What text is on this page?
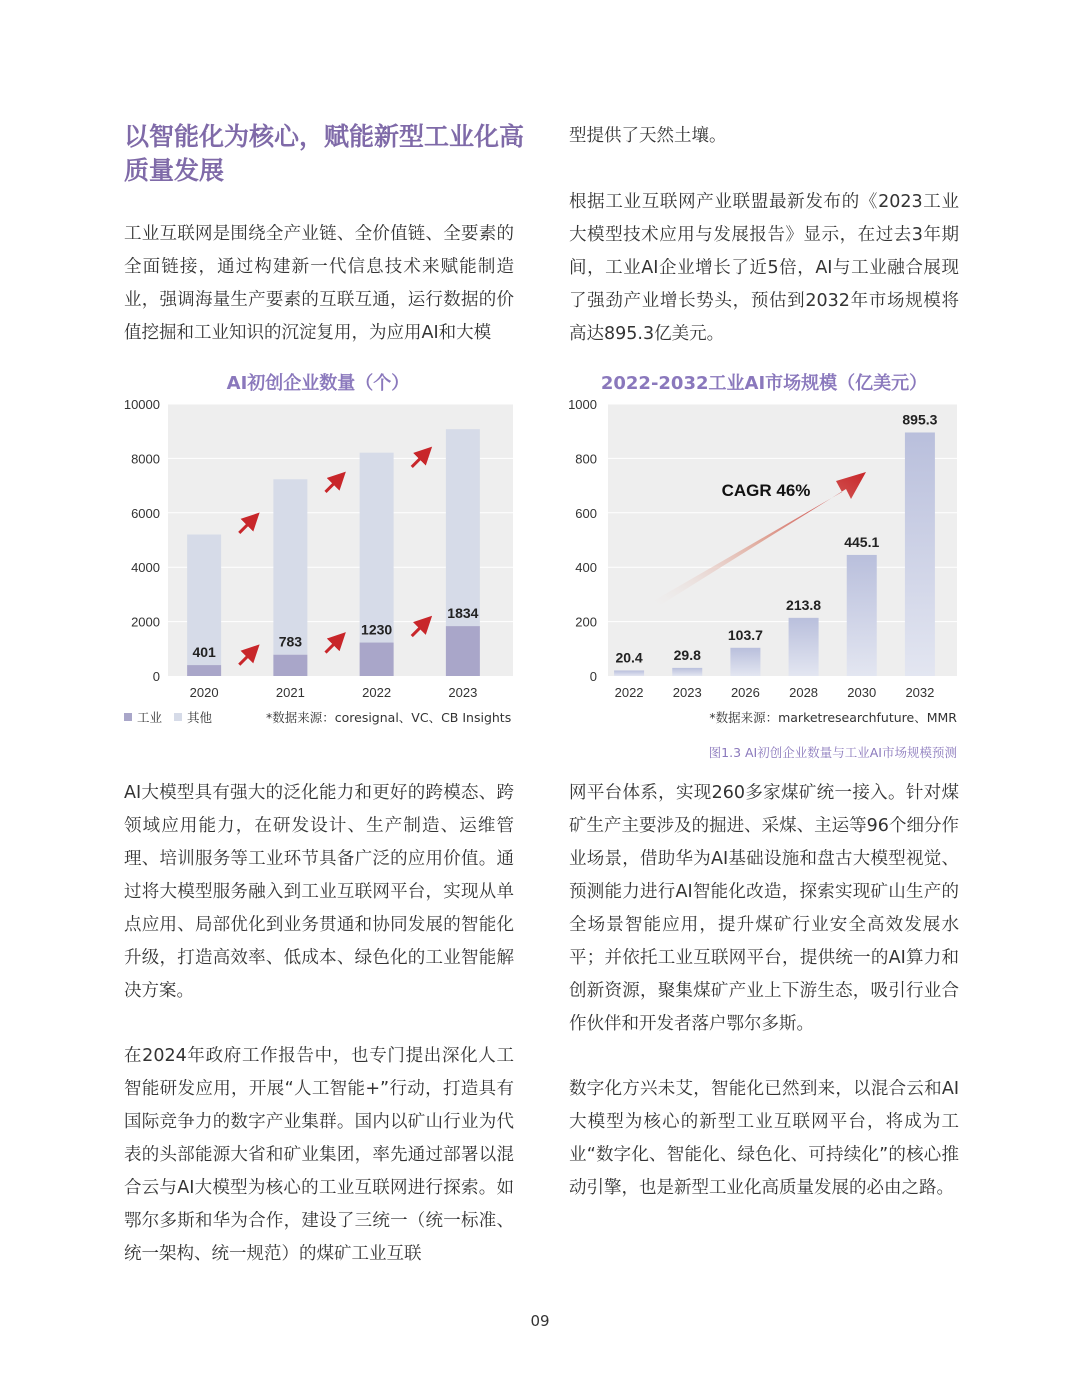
以智能化为核心，赋能新型工业化高质量发展

工业互联网是围绕全产业链、全价值链、全要素的全面链接，通过构建新一代信息技术来赋能制造业，强调海量生产要素的互联互通，运行数据的价值挖掘和工业知识的沉淀复用，为应用AI和大模

型提供了天然土壤。

根据工业互联网产业联盟最新发布的《2023工业大模型技术应用与发展报告》显示，在过去3年期间，工业AI企业增长了近5倍，AI与工业融合展现了强劲产业增长势头，预估到2032年市场规模将高达895.3亿美元。

AI初创企业数量（个）
0
2000
4000
6000
8000
10000
401
2020
783
2021
1230
2022
1834
2023
工业 其他	*数据来源：coresignal、VC、CB Insights
2022-2032工业AI市场规模（亿美元）
0
200
400
600
800
1000
CAGR 46%
20.4
2022
29.8
2023
103.7
2026
213.8
2028
445.1
2030
895.3
2032
*数据来源：marketresearchfuture、MMR
图1.3 AI初创企业数量与工业AI市场规模预测

AI大模型具有强大的泛化能力和更好的跨模态、跨领域应用能力，在研发设计、生产制造、运维管理、培训服务等工业环节具备广泛的应用价值。通过将大模型服务融入到工业互联网平台，实现从单点应用、局部优化到业务贯通和协同发展的智能化升级，打造高效率、低成本、绿色化的工业智能解决方案。

在2024年政府工作报告中，也专门提出深化人工智能研发应用，开展“人工智能+”行动，打造具有国际竞争力的数字产业集群。国内以矿山行业为代表的头部能源大省和矿业集团，率先通过部署以混合云与AI大模型为核心的工业互联网进行探索。如鄂尔多斯和华为合作，建设了三统一（统一标准、统一架构、统一规范）的煤矿工业互联

网平台体系，实现260多家煤矿统一接入。针对煤矿生产主要涉及的掘进、采煤、主运等96个细分作业场景，借助华为AI基础设施和盘古大模型视觉、预测能力进行AI智能化改造，探索实现矿山生产的全场景智能应用，提升煤矿行业安全高效发展水平；并依托工业互联网平台，提供统一的AI算力和创新资源，聚集煤矿产业上下游生态，吸引行业合作伙伴和开发者落户鄂尔多斯。

数字化方兴未艾，智能化已然到来，以混合云和AI大模型为核心的新型工业互联网平台，将成为工业“数字化、智能化、绿色化、可持续化”的核心推动引擎，也是新型工业化高质量发展的必由之路。

09
